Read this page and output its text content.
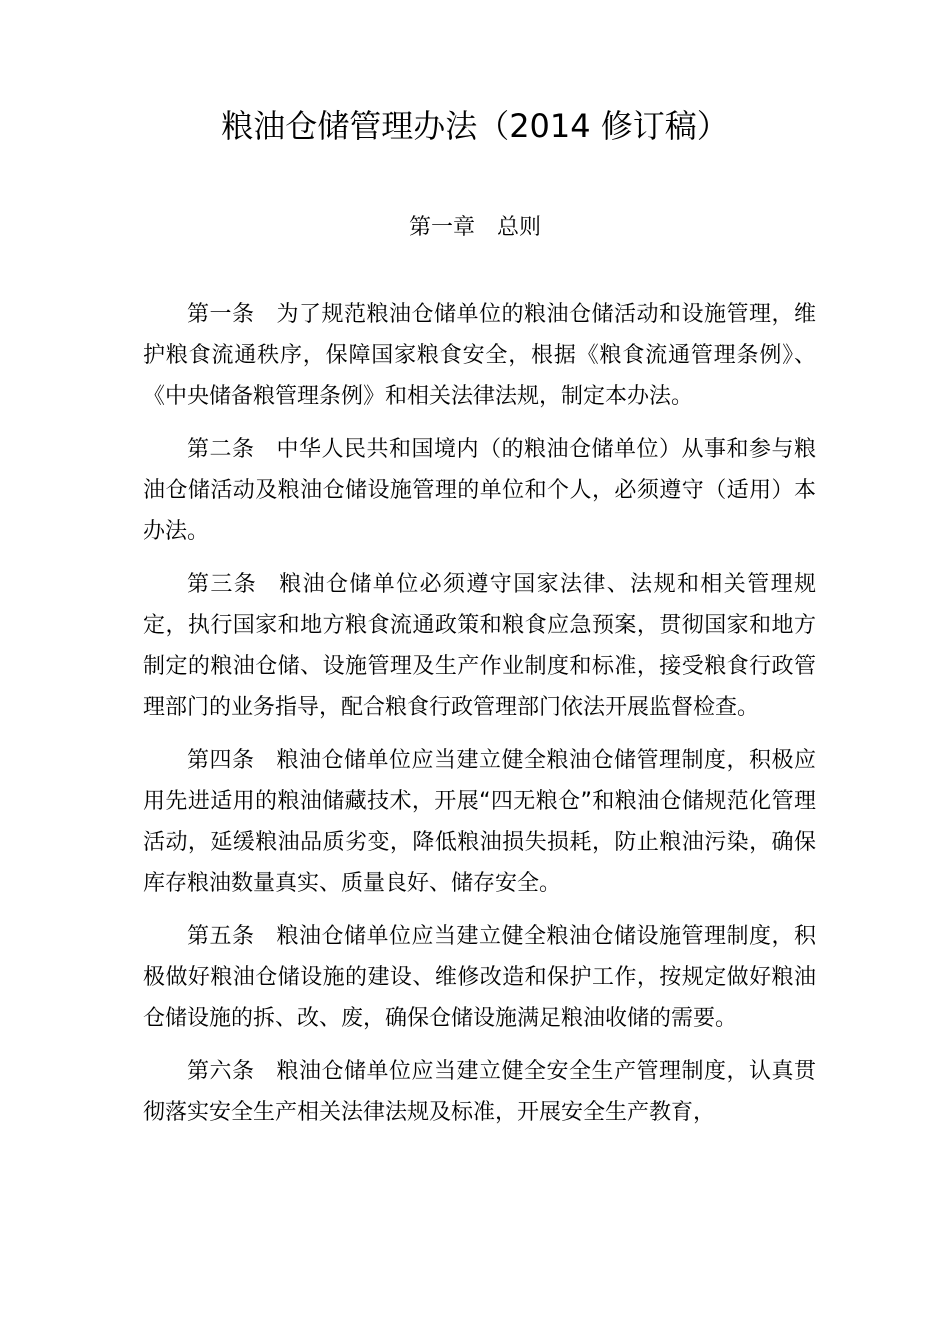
粮油仓储管理办法（2014 修订稿）
第一章　总则

第一条 为了规范粮油仓储单位的粮油仓储活动和设施管理，维护粮食流通秩序，保障国家粮食安全，根据《粮食流通管理条例》、《中央储备粮管理条例》和相关法律法规，制定本办法。

第二条 中华人民共和国境内（的粮油仓储单位）从事和参与粮油仓储活动及粮油仓储设施管理的单位和个人，必须遵守（适用）本办法。

第三条 粮油仓储单位必须遵守国家法律、法规和相关管理规定，执行国家和地方粮食流通政策和粮食应急预案，贯彻国家和地方制定的粮油仓储、设施管理及生产作业制度和标准，接受粮食行政管理部门的业务指导，配合粮食行政管理部门依法开展监督检查。

第四条 粮油仓储单位应当建立健全粮油仓储管理制度，积极应用先进适用的粮油储藏技术，开展“四无粮仓”和粮油仓储规范化管理活动，延缓粮油品质劣变，降低粮油损失损耗，防止粮油污染，确保库存粮油数量真实、质量良好、储存安全。

第五条 粮油仓储单位应当建立健全粮油仓储设施管理制度，积极做好粮油仓储设施的建设、维修改造和保护工作，按规定做好粮油仓储设施的拆、改、废，确保仓储设施满足粮油收储的需要。

第六条 粮油仓储单位应当建立健全安全生产管理制度，认真贯彻落实安全生产相关法律法规及标准，开展安全生产教育，
